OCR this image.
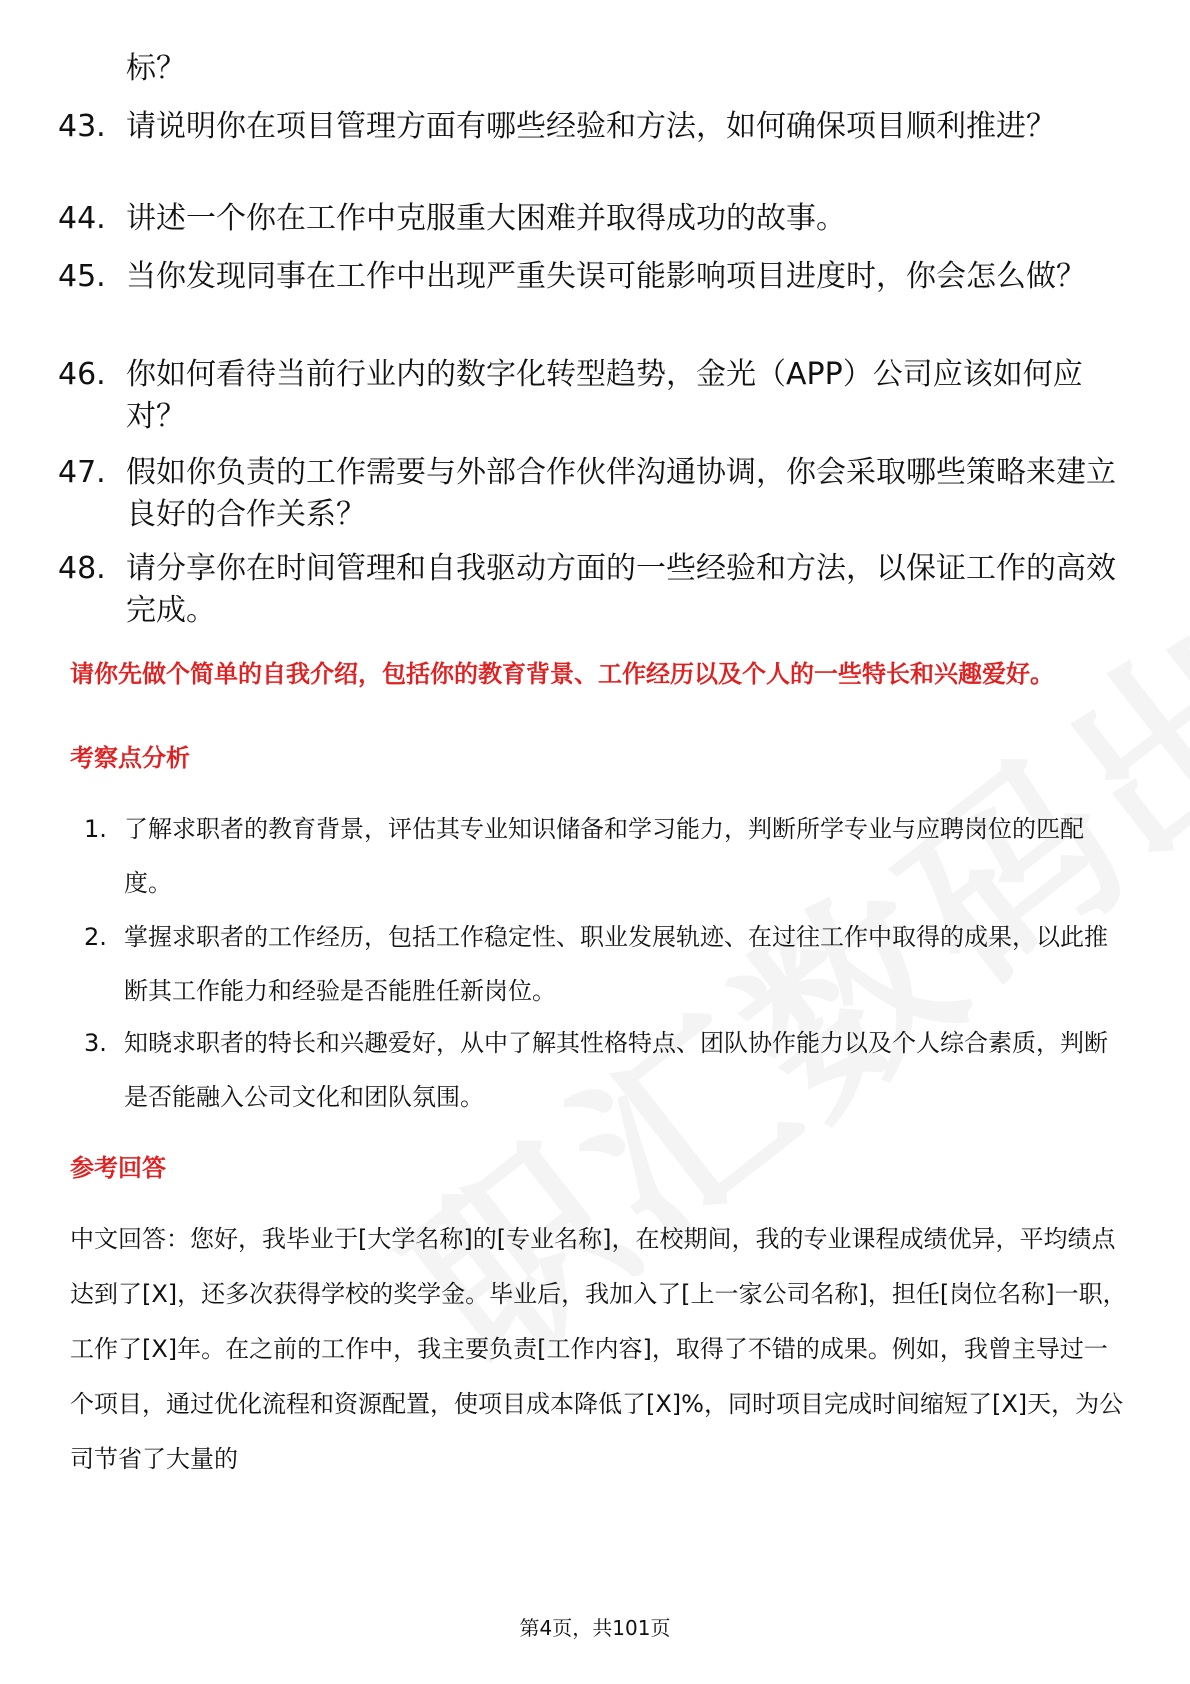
标？
43. 请说明你在项目管理方面有哪些经验和方法，如何确保项目顺利推进？
44. 讲述一个你在工作中克服重大困难并取得成功的故事。
45. 当你发现同事在工作中出现严重失误可能影响项目进度时，你会怎么做？
46. 你如何看待当前行业内的数字化转型趋势，金光（APP）公司应该如何应对？
47. 假如你负责的工作需要与外部合作伙伴沟通协调，你会采取哪些策略来建立良好的合作关系？
48. 请分享你在时间管理和自我驱动方面的一些经验和方法，以保证工作的高效完成。
请你先做个简单的自我介绍，包括你的教育背景、工作经历以及个人的一些特长和兴趣爱好。
考察点分析
1. 了解求职者的教育背景，评估其专业知识储备和学习能力，判断所学专业与应聘岗位的匹配度。
2. 掌握求职者的工作经历，包括工作稳定性、职业发展轨迹、在过往工作中取得的成果，以此推断其工作能力和经验是否能胜任新岗位。
3. 知晓求职者的特长和兴趣爱好，从中了解其性格特点、团队协作能力以及个人综合素质，判断是否能融入公司文化和团队氛围。
参考回答
中文回答：您好，我毕业于[大学名称]的[专业名称]，在校期间，我的专业课程成绩优异，平均绩点达到了[X]，还多次获得学校的奖学金。毕业后，我加入了[上一家公司名称]，担任[岗位名称]一职，工作了[X]年。在之前的工作中，我主要负责[工作内容]，取得了不错的成果。例如，我曾主导过一个项目，通过优化流程和资源配置，使项目成本降低了[X]%，同时项目完成时间缩短了[X]天，为公司节省了大量的
第4页，共101页
